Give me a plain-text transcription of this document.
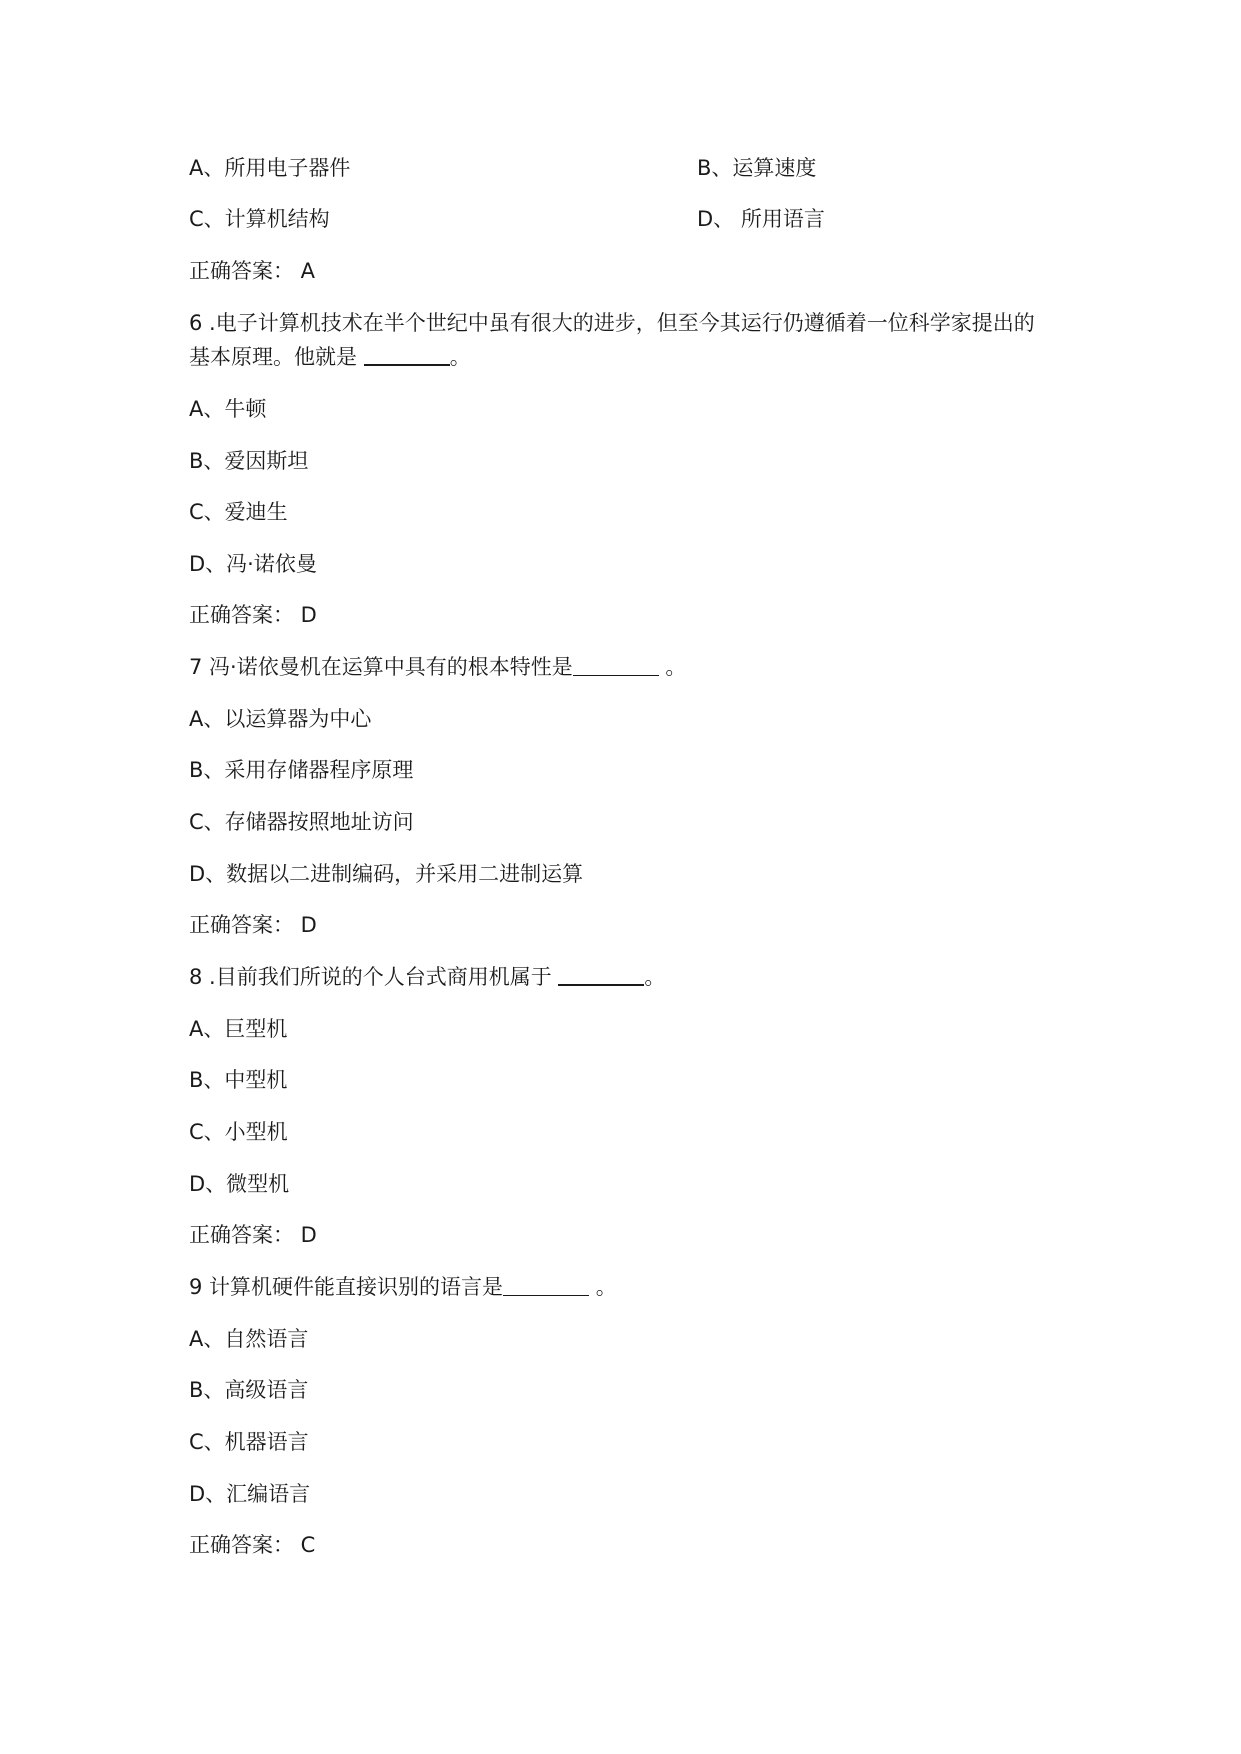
A、所用电子器件	B、运算速度
C、计算机结构	D、 所用语言
正确答案： A
6 .电子计算机技术在半个世纪中虽有很大的进步，但至今其运行仍遵循着一位科学家提出的
基本原理。他就是	。
A、牛顿
B、爱因斯坦
C、爱迪生
D、冯·诺依曼
正确答案： D
7 冯·诺依曼机在运算中具有的根本特性是	。
A、以运算器为中心
B、采用存储器程序原理
C、存储器按照地址访问
D、数据以二进制编码，并采用二进制运算
正确答案： D
8 .目前我们所说的个人台式商用机属于	。
A、巨型机
B、中型机
C、小型机
D、微型机
正确答案： D
9 计算机硬件能直接识别的语言是	。
A、自然语言
B、高级语言
C、机器语言
D、汇编语言
正确答案： C
